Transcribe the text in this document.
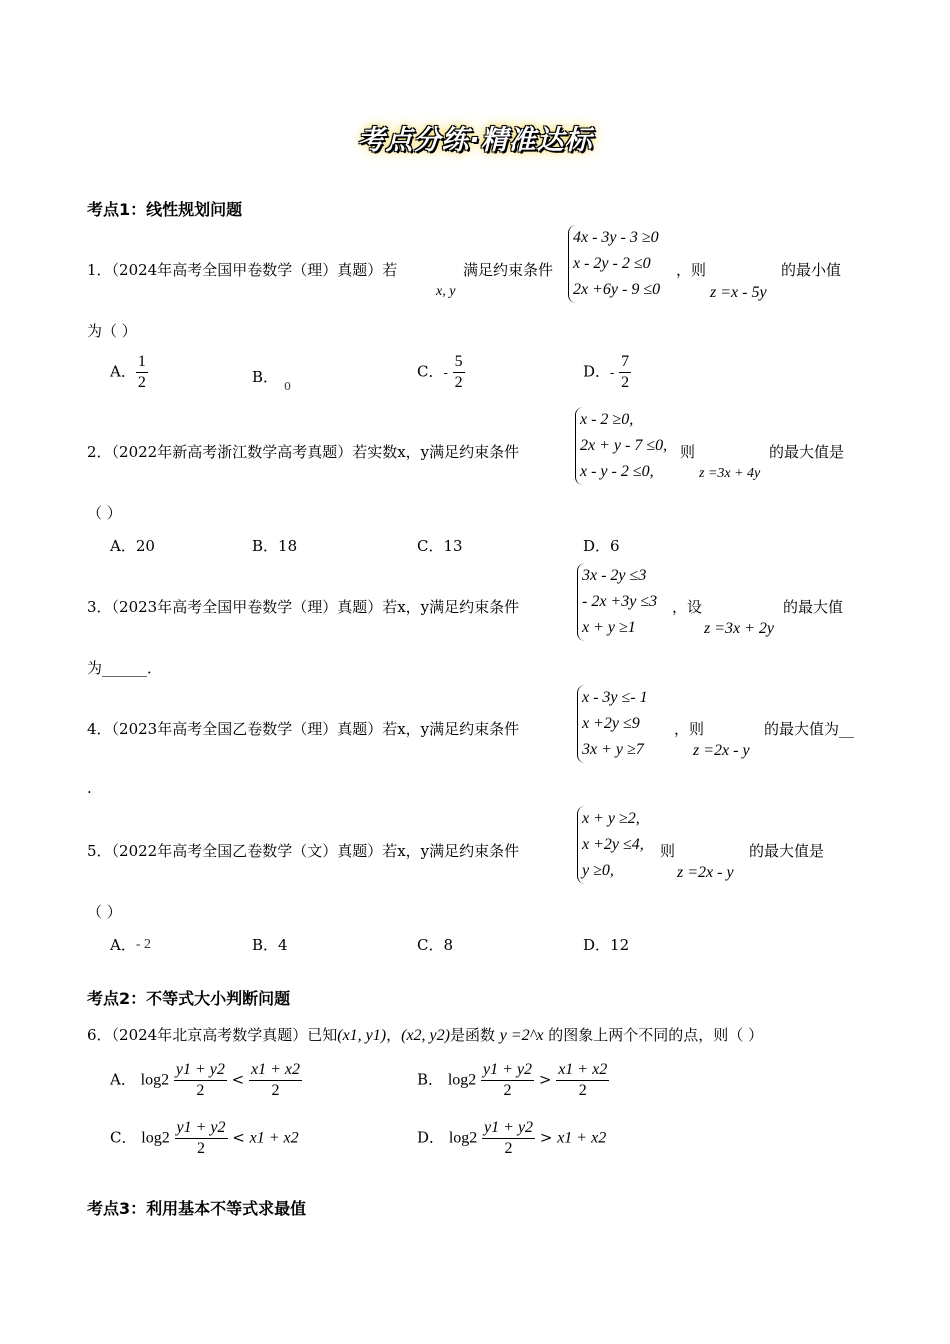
考点分练·精准达标
考点1：线性规划问题
1．（2024年高考全国甲卷数学（理）真题）若
x, y
满足约束条件
4x - 3y - 3 ≥0
x - 2y - 2 ≤0
2x +6y - 9 ≤0
，则
z =x - 5y
的最小值
为（ ）
A． $\frac{1}{2}$	B．$_0$
C．- $\frac{5}{2}$	D．- $\frac{7}{2}$
2．（2022年新高考浙江数学高考真题）若实数x，y满足约束条件
x - 2 ≥0,
2x + y - 7 ≤0,
x - y - 2 ≤0,
则
z =3x + 4y
的最大值是
（ ）
A．20	B．18	C．13	D．6
3．（2023年高考全国甲卷数学（理）真题）若x，y满足约束条件
3x - 2y ≤3
- 2x +3y ≤3
x + y ≥1
，设
z =3x + 2y
的最大值
为______．
4．（2023年高考全国乙卷数学（理）真题）若x，y满足约束条件
x - 3y ≤- 1
x +2y ≤9
3x + y ≥7
，则
z =2x - y
的最大值为__
.
5．（2022年高考全国乙卷数学（文）真题）若x，y满足约束条件
x + y ≥2,
x +2y ≤4,
y ≥0,
则
z =2x - y
的最大值是
（ ）
A．- 2	B．4	C．8	D．12
考点2：不等式大小判断问题
6．（2024年北京高考数学真题）已知(x1, y1)，(x2, y2)是函数 y =2^x 的图象上两个不同的点，则（ ）
A． $\log 2 \frac{y1 + y2}{2} < \frac{x1 + x2}{2}$	B． $\log 2 \frac{y1 + y2}{2} > \frac{x1 + x2}{2}$
C． $\log 2 \frac{y1 + y2}{2} < x1 + x2$	D． $\log 2 \frac{y1 + y2}{2} > x1 + x2$
考点3：利用基本不等式求最值
